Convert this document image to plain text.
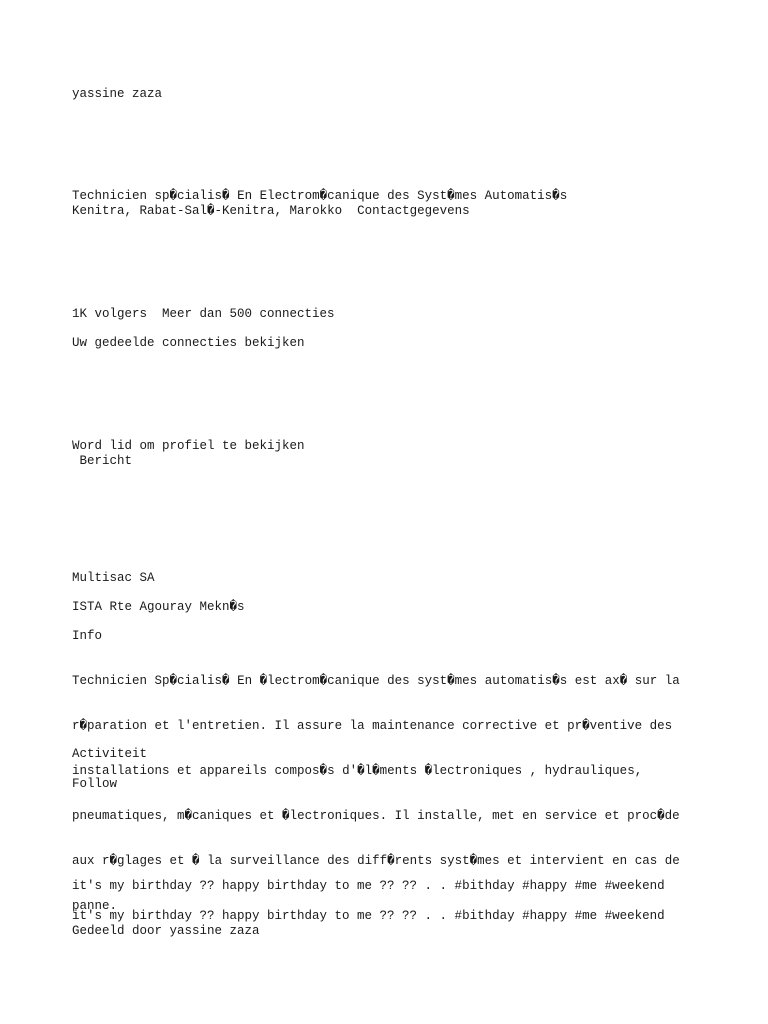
yassine zaza
Technicien sp�cialis� En Electrom�canique des Syst�mes Automatis�s
Kenitra, Rabat-Sal�-Kenitra, Marokko  Contactgegevens
1K volgers  Meer dan 500 connecties
Uw gedeelde connecties bekijken
Word lid om profiel te bekijken
Bericht
Multisac SA
ISTA Rte Agouray Mekn�s
Info

Technicien Sp�cialis� En �lectrom�canique des syst�mes automatis�s est ax� sur la

r�paration et l'entretien. Il assure la maintenance corrective et pr�ventive des

installations et appareils compos�s d'�l�ments �lectroniques , hydrauliques,

pneumatiques, m�caniques et �lectroniques. Il installe, met en service et proc�de

aux r�glages et � la surveillance des diff�rents syst�mes et intervient en cas de

panne.

Activiteit
Follow
it's my birthday ?? happy birthday to me ?? ?? . . #bithday #happy #me #weekend
it's my birthday ?? happy birthday to me ?? ?? . . #bithday #happy #me #weekend
Gedeeld door yassine zaza
